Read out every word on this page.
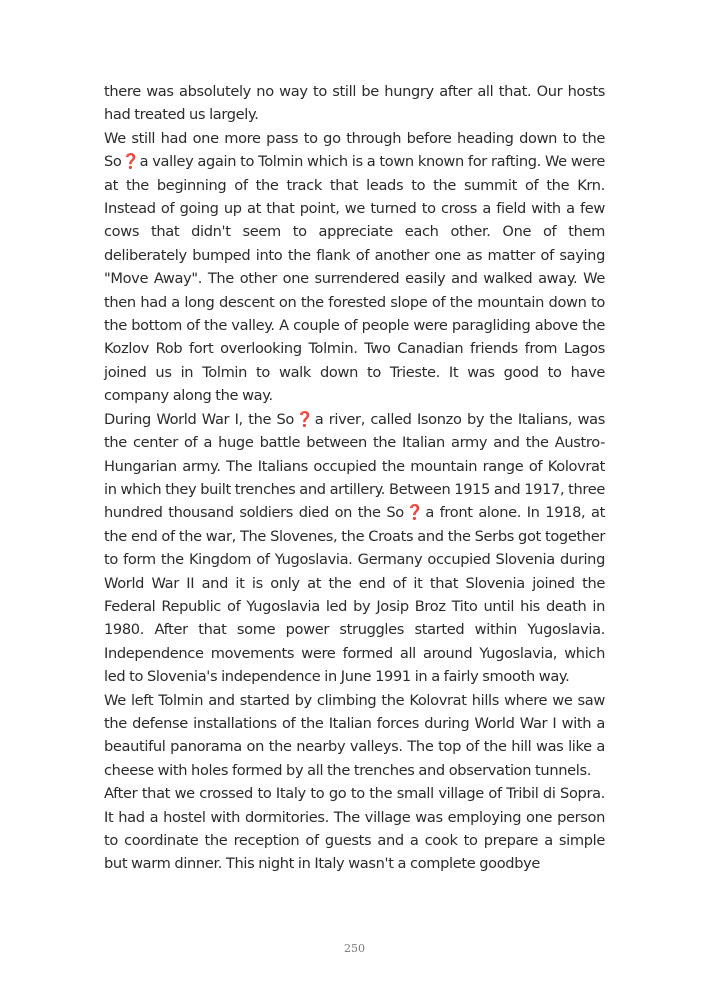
there was absolutely no way to still be hungry after all that. Our hosts had treated us largely.

We still had one more pass to go through before heading down to the So❓a valley again to Tolmin which is a town known for rafting. We were at the beginning of the track that leads to the summit of the Krn. Instead of going up at that point, we turned to cross a field with a few cows that didn't seem to appreciate each other. One of them deliberately bumped into the flank of another one as matter of saying "Move Away". The other one surrendered easily and walked away. We then had a long descent on the forested slope of the mountain down to the bottom of the valley. A couple of people were paragliding above the Kozlov Rob fort overlooking Tolmin. Two Canadian friends from Lagos joined us in Tolmin to walk down to Trieste. It was good to have company along the way.

During World War I, the So❓a river, called Isonzo by the Italians, was the center of a huge battle between the Italian army and the Austro-Hungarian army. The Italians occupied the mountain range of Kolovrat in which they built trenches and artillery. Between 1915 and 1917, three hundred thousand soldiers died on the So❓a front alone. In 1918, at the end of the war, The Slovenes, the Croats and the Serbs got together to form the Kingdom of Yugoslavia. Germany occupied Slovenia during World War II and it is only at the end of it that Slovenia joined the Federal Republic of Yugoslavia led by Josip Broz Tito until his death in 1980. After that some power struggles started within Yugoslavia. Independence movements were formed all around Yugoslavia, which led to Slovenia's independence in June 1991 in a fairly smooth way.

We left Tolmin and started by climbing the Kolovrat hills where we saw the defense installations of the Italian forces during World War I with a beautiful panorama on the nearby valleys. The top of the hill was like a cheese with holes formed by all the trenches and observation tunnels.

After that we crossed to Italy to go to the small village of Tribil di Sopra. It had a hostel with dormitories. The village was employing one person to coordinate the reception of guests and a cook to prepare a simple but warm dinner. This night in Italy wasn't a complete goodbye

250
